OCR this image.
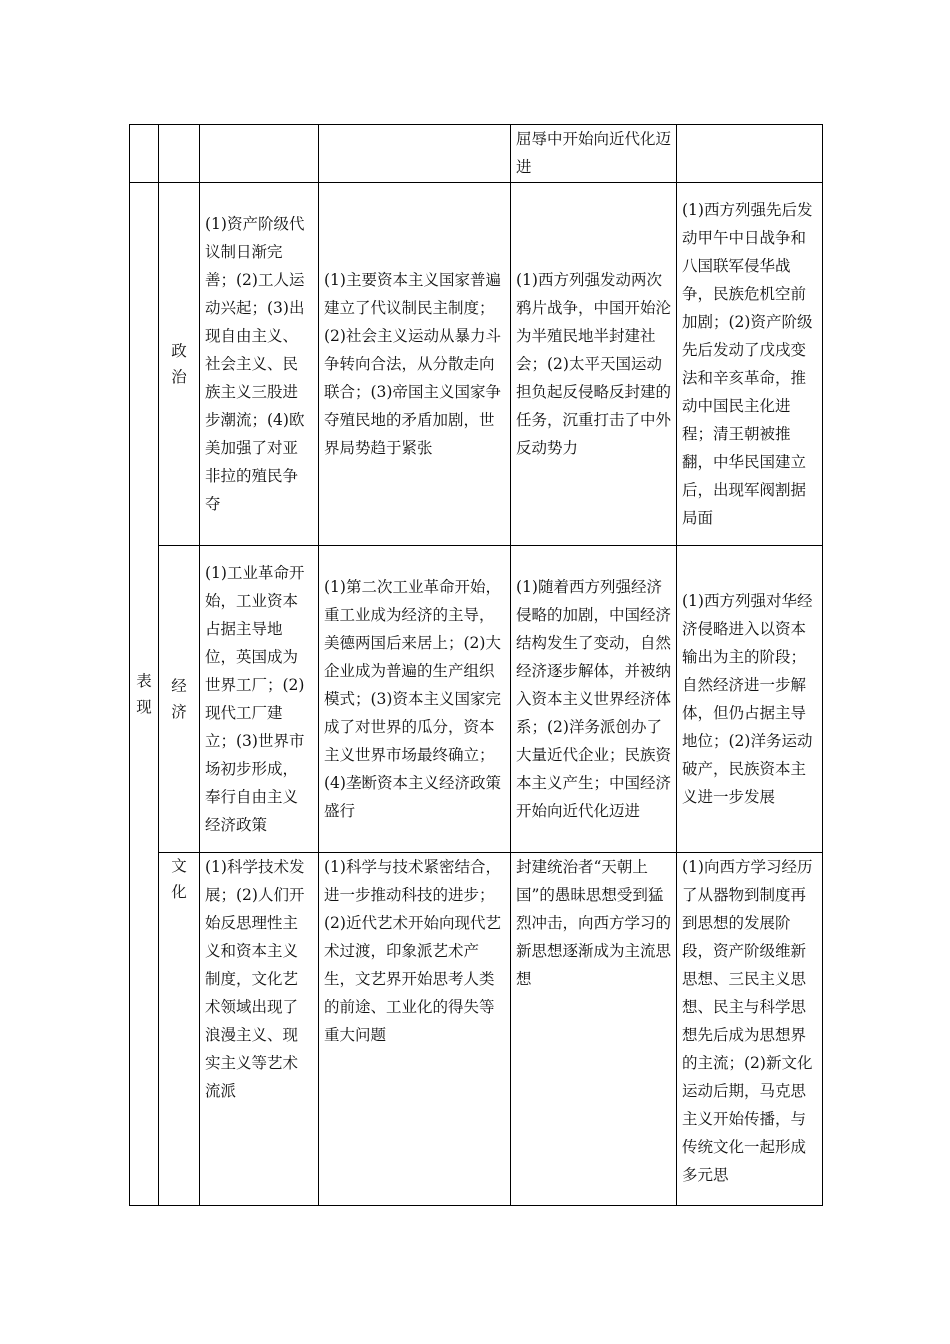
				屈辱中开始向近代化迈进	
表现	政治	(1)资产阶级代议制日渐完善；(2)工人运动兴起；(3)出现自由主义、社会主义、民族主义三股进步潮流；(4)欧美加强了对亚非拉的殖民争夺	(1)主要资本主义国家普遍建立了代议制民主制度；(2)社会主义运动从暴力斗争转向合法，从分散走向联合；(3)帝国主义国家争夺殖民地的矛盾加剧，世界局势趋于紧张	(1)西方列强发动两次鸦片战争，中国开始沦为半殖民地半封建社会；(2)太平天国运动担负起反侵略反封建的任务，沉重打击了中外反动势力	(1)西方列强先后发动甲午中日战争和八国联军侵华战争，民族危机空前加剧；(2)资产阶级先后发动了戊戌变法和辛亥革命，推动中国民主化进程；清王朝被推翻，中华民国建立后，出现军阀割据局面
	经济	(1)工业革命开始，工业资本占据主导地位，英国成为世界工厂；(2)现代工厂建立；(3)世界市场初步形成，奉行自由主义经济政策	(1)第二次工业革命开始，重工业成为经济的主导，美德两国后来居上；(2)大企业成为普遍的生产组织模式；(3)资本主义国家完成了对世界的瓜分，资本主义世界市场最终确立；(4)垄断资本主义经济政策盛行	(1)随着西方列强经济侵略的加剧，中国经济结构发生了变动，自然经济逐步解体，并被纳入资本主义世界经济体系；(2)洋务派创办了大量近代企业；民族资本主义产生；中国经济开始向近代化迈进	(1)西方列强对华经济侵略进入以资本输出为主的阶段；自然经济进一步解体，但仍占据主导地位；(2)洋务运动破产，民族资本主义进一步发展
	文化	(1)科学技术发展；(2)人们开始反思理性主义和资本主义制度，文化艺术领域出现了浪漫主义、现实主义等艺术流派	(1)科学与技术紧密结合，进一步推动科技的进步；(2)近代艺术开始向现代艺术过渡，印象派艺术产生，文艺界开始思考人类的前途、工业化的得失等重大问题	封建统治者“天朝上国”的愚昧思想受到猛烈冲击，向西方学习的新思想逐渐成为主流思想	(1)向西方学习经历了从器物到制度再到思想的发展阶段，资产阶级维新思想、三民主义思想、民主与科学思想先后成为思想界的主流；(2)新文化运动后期，马克思主义开始传播，与传统文化一起形成多元思
